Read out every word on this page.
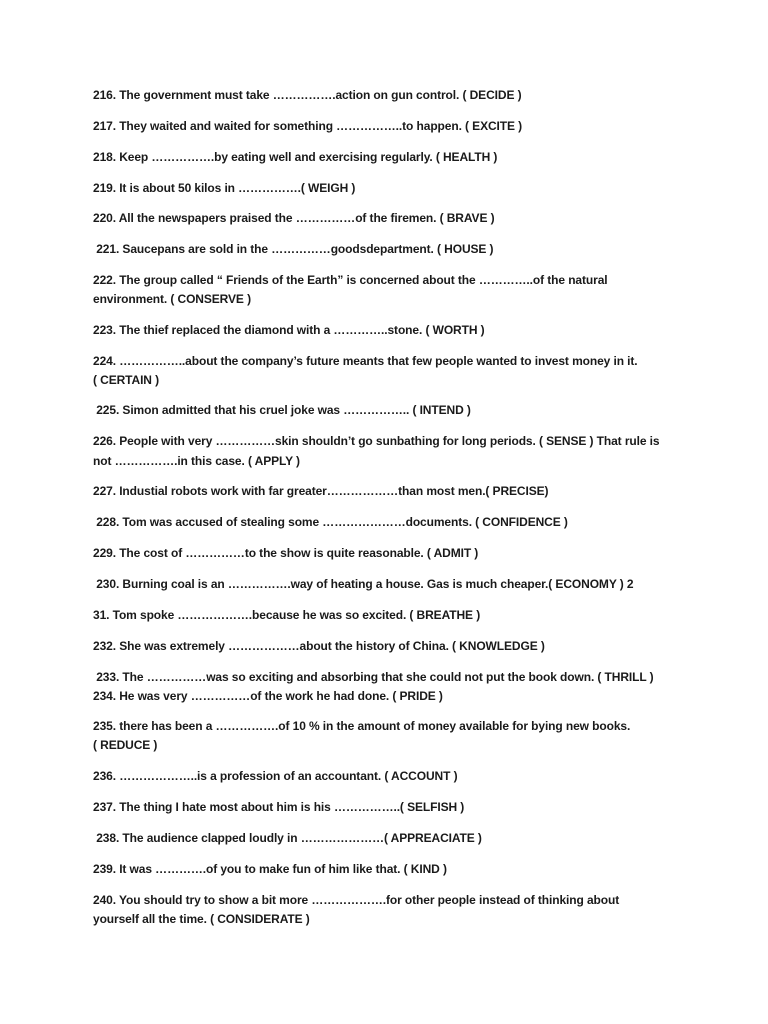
216. The government must take …………….action on gun control. ( DECIDE )

217. They waited and waited for something ……………..to happen. ( EXCITE )

218. Keep …………….by eating well and exercising regularly. ( HEALTH )

219. It is about 50 kilos in …………….( WEIGH )

220. All the newspapers praised the ……………of the firemen. ( BRAVE )

221. Saucepans are sold in the ……………goodsdepartment. ( HOUSE )

222. The group called “ Friends of the Earth” is concerned about the …………..of the natural

environment. ( CONSERVE )

223. The thief replaced the diamond with a …………..stone. ( WORTH )

224. ……………..about the company’s future meants that few people wanted to invest money in it.

( CERTAIN )

225. Simon admitted that his cruel joke was …………….. ( INTEND )

226. People with very ……………skin shouldn’t go sunbathing for long periods. ( SENSE ) That rule is

not …………….in this case. ( APPLY )

227. Industial robots work with far greater………………than most men.( PRECISE)

228. Tom was accused of stealing some …………………documents. ( CONFIDENCE )

229. The cost of ……………to the show is quite reasonable. ( ADMIT )

230. Burning coal is an …………….way of heating a house. Gas is much cheaper.( ECONOMY ) 2

31. Tom spoke ……………….because he was so excited. ( BREATHE )

232. She was extremely ………………about the history of China. ( KNOWLEDGE )

233. The ……………was so exciting and absorbing that she could not put the book down. ( THRILL )

234. He was very ……………of the work he had done. ( PRIDE )

235. there has been a …………….of 10 % in the amount of money available for bying new books.

( REDUCE )

236. ………………..is a profession of an accountant. ( ACCOUNT )

237. The thing I hate most about him is his ……………..( SELFISH )

238. The audience clapped loudly in …………………( APPREACIATE )

239. It was ………….of you to make fun of him like that. ( KIND )

240. You should try to show a bit more ……………….for other people instead of thinking about

yourself all the time. ( CONSIDERATE )
